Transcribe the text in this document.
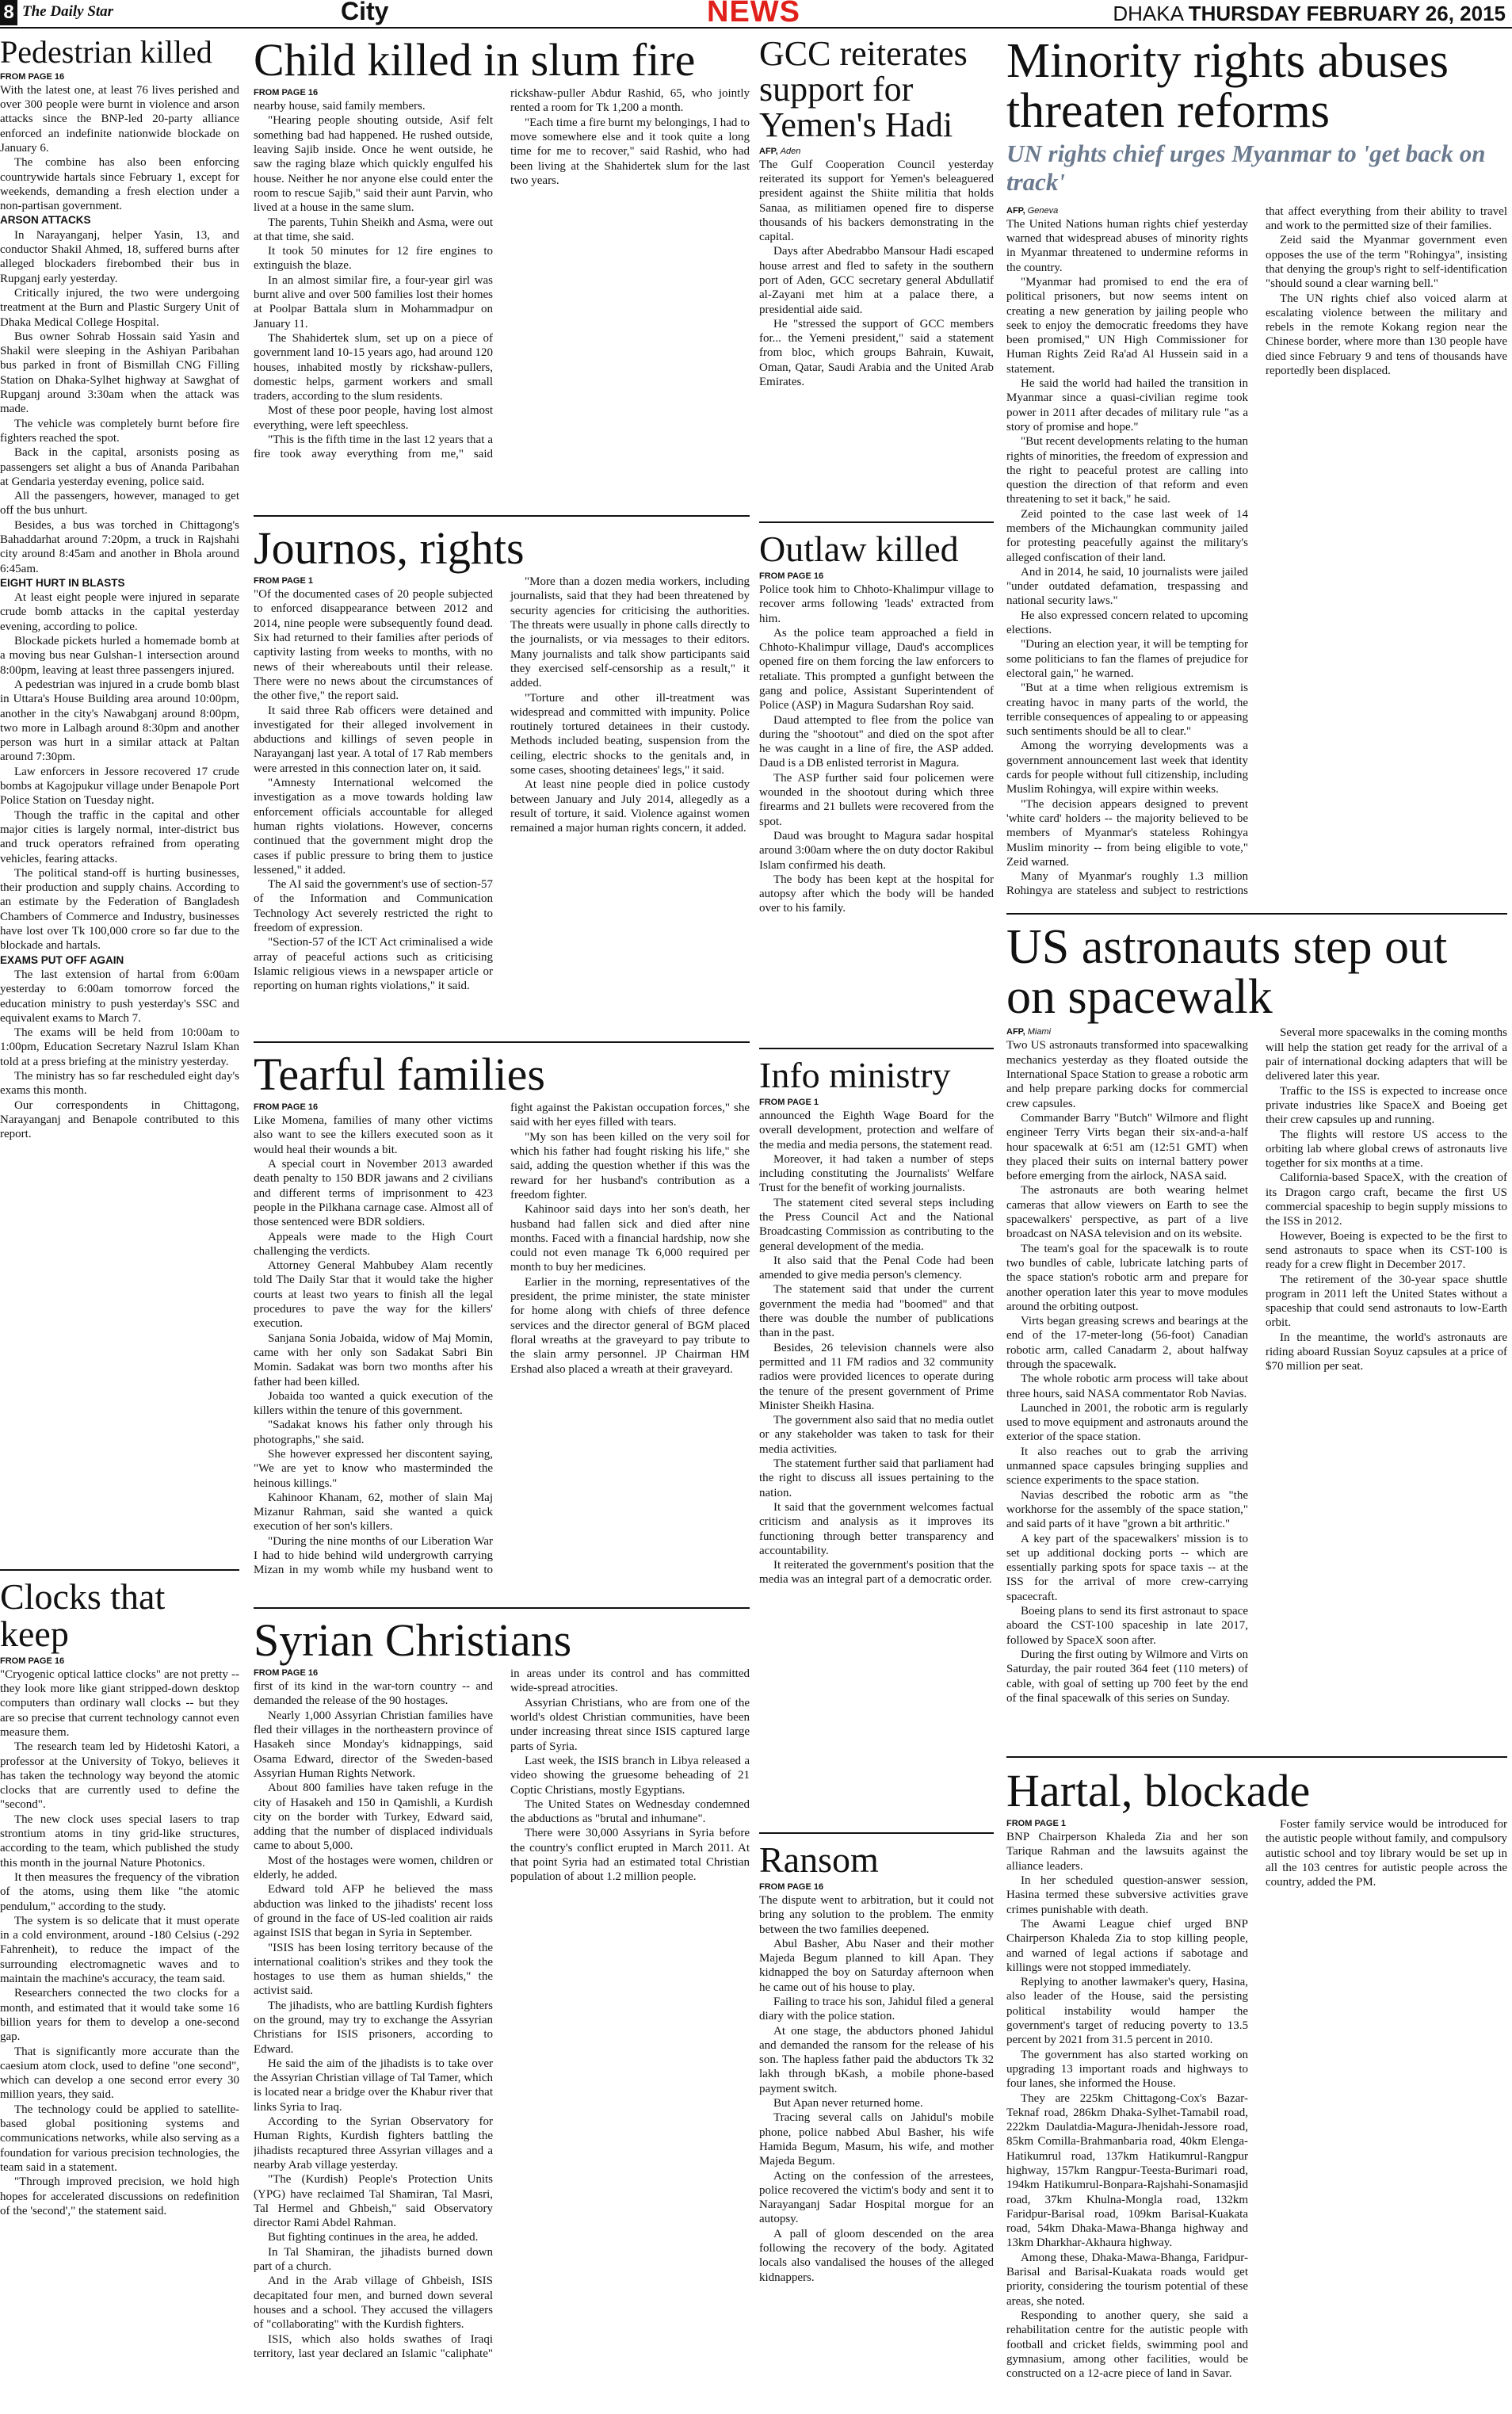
8 The Daily Star	City	NEWS	DHAKA THURSDAY FEBRUARY 26, 2015
Pedestrian killed
FROM PAGE 16

With the latest one, at least 76 lives perished and over 300 people were burnt in violence and arson attacks since the BNP-led 20-party alliance enforced an indefinite nationwide blockade on January 6.

The combine has also been enforcing countrywide hartals since February 1, except for weekends, demanding a fresh election under a non-partisan government.

ARSON ATTACKS

In Narayanganj, helper Yasin, 13, and conductor Shakil Ahmed, 18, suffered burns after alleged blockaders firebombed their bus in Rupganj early yesterday.

Critically injured, the two were undergoing treatment at the Burn and Plastic Surgery Unit of Dhaka Medical College Hospital.

Bus owner Sohrab Hossain said Yasin and Shakil were sleeping in the Ashiyan Paribahan bus parked in front of Bismillah CNG Filling Station on Dhaka-Sylhet highway at Sawghat of Rupganj around 3:30am when the attack was made.

The vehicle was completely burnt before fire fighters reached the spot.

Back in the capital, arsonists posing as passengers set alight a bus of Ananda Paribahan at Gendaria yesterday evening, police said.

All the passengers, however, managed to get off the bus unhurt.

Besides, a bus was torched in Chittagong's Bahaddarhat around 7:20pm, a truck in Rajshahi city around 8:45am and another in Bhola around 6:45am.

EIGHT HURT IN BLASTS

At least eight people were injured in separate crude bomb attacks in the capital yesterday evening, according to police.

Blockade pickets hurled a homemade bomb at a moving bus near Gulshan-1 intersection around 8:00pm, leaving at least three passengers injured.

A pedestrian was injured in a crude bomb blast in Uttara's House Building area around 10:00pm, another in the city's Nawabganj around 8:00pm, two more in Lalbagh around 8:30pm and another person was hurt in a similar attack at Paltan around 7:30pm.

Law enforcers in Jessore recovered 17 crude bombs at Kagojpukur village under Benapole Port Police Station on Tuesday night.

Though the traffic in the capital and other major cities is largely normal, inter-district bus and truck operators refrained from operating vehicles, fearing attacks.

The political stand-off is hurting businesses, their production and supply chains. According to an estimate by the Federation of Bangladesh Chambers of Commerce and Industry, businesses have lost over Tk 100,000 crore so far due to the blockade and hartals.

EXAMS PUT OFF AGAIN

The last extension of hartal from 6:00am yesterday to 6:00am tomorrow forced the education ministry to push yesterday's SSC and equivalent exams to March 7.

The exams will be held from 10:00am to 1:00pm, Education Secretary Nazrul Islam Khan told at a press briefing at the ministry yesterday.

The ministry has so far rescheduled eight day's exams this month.

Our correspondents in Chittagong, Narayanganj and Benapole contributed to this report.

Clocks that keep
FROM PAGE 16

"Cryogenic optical lattice clocks" are not pretty -- they look more like giant stripped-down desktop computers than ordinary wall clocks -- but they are so precise that current technology cannot even measure them.

The research team led by Hidetoshi Katori, a professor at the University of Tokyo, believes it has taken the technology way beyond the atomic clocks that are currently used to define the "second".

The new clock uses special lasers to trap strontium atoms in tiny grid-like structures, according to the team, which published the study this month in the journal Nature Photonics.

It then measures the frequency of the vibration of the atoms, using them like "the atomic pendulum," according to the study.

The system is so delicate that it must operate in a cold environment, around -180 Celsius (-292 Fahrenheit), to reduce the impact of the surrounding electromagnetic waves and to maintain the machine's accuracy, the team said.

Researchers connected the two clocks for a month, and estimated that it would take some 16 billion years for them to develop a one-second gap.

That is significantly more accurate than the caesium atom clock, used to define "one second", which can develop a one second error every 30 million years, they said.

The technology could be applied to satellite-based global positioning systems and communications networks, while also serving as a foundation for various precision technologies, the team said in a statement.

"Through improved precision, we hold high hopes for accelerated discussions on redefinition of the 'second'," the statement said.

Child killed in slum fire
FROM PAGE 16

nearby house, said family members.

"Hearing people shouting outside, Asif felt something bad had happened. He rushed outside, leaving Sajib inside. Once he went outside, he saw the raging blaze which quickly engulfed his house. Neither he nor anyone else could enter the room to rescue Sajib," said their aunt Parvin, who lived at a house in the same slum.

The parents, Tuhin Sheikh and Asma, were out at that time, she said.

It took 50 minutes for 12 fire engines to extinguish the blaze.

In an almost similar fire, a four-year girl was burnt alive and over 500 families lost their homes at Poolpar Battala slum in Mohammadpur on January 11.

The Shahidertek slum, set up on a piece of government land 10-15 years ago, had around 120 houses, inhabited mostly by rickshaw-pullers, domestic helps, garment workers and small traders, according to the slum residents.

Most of these poor people, having lost almost everything, were left speechless.

"This is the fifth time in the last 12 years that a fire took away everything from me," said rickshaw-puller Abdur Rashid, 65, who jointly rented a room for Tk 1,200 a month.

"Each time a fire burnt my belongings, I had to move somewhere else and it took quite a long time for me to recover," said Rashid, who had been living at the Shahidertek slum for the last two years.

Journos, rights
FROM PAGE 1

"Of the documented cases of 20 people subjected to enforced disappearance between 2012 and 2014, nine people were subsequently found dead. Six had returned to their families after periods of captivity lasting from weeks to months, with no news of their whereabouts until their release. There were no news about the circumstances of the other five," the report said.

It said three Rab officers were detained and investigated for their alleged involvement in abductions and killings of seven people in Narayanganj last year. A total of 17 Rab members were arrested in this connection later on, it said.

"Amnesty International welcomed the investigation as a move towards holding law enforcement officials accountable for alleged human rights violations. However, concerns continued that the government might drop the cases if public pressure to bring them to justice lessened," it added.

The AI said the government's use of section-57 of the Information and Communication Technology Act severely restricted the right to freedom of expression.

"Section-57 of the ICT Act criminalised a wide array of peaceful actions such as criticising Islamic religious views in a newspaper article or reporting on human rights violations," it said.

"More than a dozen media workers, including journalists, said that they had been threatened by security agencies for criticising the authorities. The threats were usually in phone calls directly to the journalists, or via messages to their editors. Many journalists and talk show participants said they exercised self-censorship as a result," it added.

"Torture and other ill-treatment was widespread and committed with impunity. Police routinely tortured detainees in their custody. Methods included beating, suspension from the ceiling, electric shocks to the genitals and, in some cases, shooting detainees' legs," it said.

At least nine people died in police custody between January and July 2014, allegedly as a result of torture, it said. Violence against women remained a major human rights concern, it added.

Tearful families
FROM PAGE 16

Like Momena, families of many other victims also want to see the killers executed soon as it would heal their wounds a bit.

A special court in November 2013 awarded death penalty to 150 BDR jawans and 2 civilians and different terms of imprisonment to 423 people in the Pilkhana carnage case. Almost all of those sentenced were BDR soldiers.

Appeals were made to the High Court challenging the verdicts.

Attorney General Mahbubey Alam recently told The Daily Star that it would take the higher courts at least two years to finish all the legal procedures to pave the way for the killers' execution.

Sanjana Sonia Jobaida, widow of Maj Momin, came with her only son Sadakat Sabri Bin Momin. Sadakat was born two months after his father had been killed.

Jobaida too wanted a quick execution of the killers within the tenure of this government.

"Sadakat knows his father only through his photographs," she said.

She however expressed her discontent saying, "We are yet to know who masterminded the heinous killings."

Kahinoor Khanam, 62, mother of slain Maj Mizanur Rahman, said she wanted a quick execution of her son's killers.

"During the nine months of our Liberation War I had to hide behind wild undergrowth carrying Mizan in my womb while my husband went to fight against the Pakistan occupation forces," she said with her eyes filled with tears.

"My son has been killed on the very soil for which his father had fought risking his life," she said, adding the question whether if this was the reward for her husband's contribution as a freedom fighter.

Kahinoor said days into her son's death, her husband had fallen sick and died after nine months. Faced with a financial hardship, now she could not even manage Tk 6,000 required per month to buy her medicines.

Earlier in the morning, representatives of the president, the prime minister, the state minister for home along with chiefs of three defence services and the director general of BGM placed floral wreaths at the graveyard to pay tribute to the slain army personnel. JP Chairman HM Ershad also placed a wreath at their graveyard.

Syrian Christians
FROM PAGE 16

first of its kind in the war-torn country -- and demanded the release of the 90 hostages.

Nearly 1,000 Assyrian Christian families have fled their villages in the northeastern province of Hasakeh since Monday's kidnappings, said Osama Edward, director of the Sweden-based Assyrian Human Rights Network.

About 800 families have taken refuge in the city of Hasakeh and 150 in Qamishli, a Kurdish city on the border with Turkey, Edward said, adding that the number of displaced individuals came to about 5,000.

Most of the hostages were women, children or elderly, he added.

Edward told AFP he believed the mass abduction was linked to the jihadists' recent loss of ground in the face of US-led coalition air raids against ISIS that began in Syria in September.

"ISIS has been losing territory because of the international coalition's strikes and they took the hostages to use them as human shields," the activist said.

The jihadists, who are battling Kurdish fighters on the ground, may try to exchange the Assyrian Christians for ISIS prisoners, according to Edward.

He said the aim of the jihadists is to take over the Assyrian Christian village of Tal Tamer, which is located near a bridge over the Khabur river that links Syria to Iraq.

According to the Syrian Observatory for Human Rights, Kurdish fighters battling the jihadists recaptured three Assyrian villages and a nearby Arab village yesterday.

"The (Kurdish) People's Protection Units (YPG) have reclaimed Tal Shamiran, Tal Masri, Tal Hermel and Ghbeish," said Observatory director Rami Abdel Rahman.

But fighting continues in the area, he added.

In Tal Shamiran, the jihadists burned down part of a church.

And in the Arab village of Ghbeish, ISIS decapitated four men, and burned down several houses and a school. They accused the villagers of "collaborating" with the Kurdish fighters.

ISIS, which also holds swathes of Iraqi territory, last year declared an Islamic "caliphate" in areas under its control and has committed wide-spread atrocities.

Assyrian Christians, who are from one of the world's oldest Christian communities, have been under increasing threat since ISIS captured large parts of Syria.

Last week, the ISIS branch in Libya released a video showing the gruesome beheading of 21 Coptic Christians, mostly Egyptians.

The United States on Wednesday condemned the abductions as "brutal and inhumane".

There were 30,000 Assyrians in Syria before the country's conflict erupted in March 2011. At that point Syria had an estimated total Christian population of about 1.2 million people.

GCC reiterates support for Yemen's Hadi
AFP, Aden

The Gulf Cooperation Council yesterday reiterated its support for Yemen's beleaguered president against the Shiite militia that holds Sanaa, as militiamen opened fire to disperse thousands of his backers demonstrating in the capital.

Days after Abedrabbo Mansour Hadi escaped house arrest and fled to safety in the southern port of Aden, GCC secretary general Abdullatif al-Zayani met him at a palace there, a presidential aide said.

He "stressed the support of GCC members for... the Yemeni president," said a statement from bloc, which groups Bahrain, Kuwait, Oman, Qatar, Saudi Arabia and the United Arab Emirates.

Outlaw killed
FROM PAGE 16

Police took him to Chhoto-Khalimpur village to recover arms following 'leads' extracted from him.

As the police team approached a field in Chhoto-Khalimpur village, Daud's accomplices opened fire on them forcing the law enforcers to retaliate. This prompted a gunfight between the gang and police, Assistant Superintendent of Police (ASP) in Magura Sudarshan Roy said.

Daud attempted to flee from the police van during the "shootout" and died on the spot after he was caught in a line of fire, the ASP added. Daud is a DB enlisted terrorist in Magura.

The ASP further said four policemen were wounded in the shootout during which three firearms and 21 bullets were recovered from the spot.

Daud was brought to Magura sadar hospital around 3:00am where the on duty doctor Rakibul Islam confirmed his death.

The body has been kept at the hospital for autopsy after which the body will be handed over to his family.

Info ministry
FROM PAGE 1

announced the Eighth Wage Board for the overall development, protection and welfare of the media and media persons, the statement read.

Moreover, it had taken a number of steps including constituting the Journalists' Welfare Trust for the benefit of working journalists.

The statement cited several steps including the Press Council Act and the National Broadcasting Commission as contributing to the general development of the media.

It also said that the Penal Code had been amended to give media person's clemency.

The statement said that under the current government the media had "boomed" and that there was double the number of publications than in the past.

Besides, 26 television channels were also permitted and 11 FM radios and 32 community radios were provided licences to operate during the tenure of the present government of Prime Minister Sheikh Hasina.

The government also said that no media outlet or any stakeholder was taken to task for their media activities.

The statement further said that parliament had the right to discuss all issues pertaining to the nation.

It said that the government welcomes factual criticism and analysis as it improves its functioning through better transparency and accountability.

It reiterated the government's position that the media was an integral part of a democratic order.

Ransom
FROM PAGE 16

The dispute went to arbitration, but it could not bring any solution to the problem. The enmity between the two families deepened.

Abul Basher, Abu Naser and their mother Majeda Begum planned to kill Apan. They kidnapped the boy on Saturday afternoon when he came out of his house to play.

Failing to trace his son, Jahidul filed a general diary with the police station.

At one stage, the abductors phoned Jahidul and demanded the ransom for the release of his son. The hapless father paid the abductors Tk 32 lakh through bKash, a mobile phone-based payment switch.

But Apan never returned home.

Tracing several calls on Jahidul's mobile phone, police nabbed Abul Basher, his wife Hamida Begum, Masum, his wife, and mother Majeda Begum.

Acting on the confession of the arrestees, police recovered the victim's body and sent it to Narayanganj Sadar Hospital morgue for an autopsy.

A pall of gloom descended on the area following the recovery of the body. Agitated locals also vandalised the houses of the alleged kidnappers.

Minority rights abuses threaten reforms
UN rights chief urges Myanmar to 'get back on track'
AFP, Geneva

The United Nations human rights chief yesterday warned that widespread abuses of minority rights in Myanmar threatened to undermine reforms in the country.

"Myanmar had promised to end the era of political prisoners, but now seems intent on creating a new generation by jailing people who seek to enjoy the democratic freedoms they have been promised," UN High Commissioner for Human Rights Zeid Ra'ad Al Hussein said in a statement.

He said the world had hailed the transition in Myanmar since a quasi-civilian regime took power in 2011 after decades of military rule "as a story of promise and hope."

"But recent developments relating to the human rights of minorities, the freedom of expression and the right to peaceful protest are calling into question the direction of that reform and even threatening to set it back," he said.

Zeid pointed to the case last week of 14 members of the Michaungkan community jailed for protesting peacefully against the military's alleged confiscation of their land.

And in 2014, he said, 10 journalists were jailed "under outdated defamation, trespassing and national security laws."

He also expressed concern related to upcoming elections.

"During an election year, it will be tempting for some politicians to fan the flames of prejudice for electoral gain," he warned.

"But at a time when religious extremism is creating havoc in many parts of the world, the terrible consequences of appealing to or appeasing such sentiments should be all to clear."

Among the worrying developments was a government announcement last week that identity cards for people without full citizenship, including Muslim Rohingya, will expire within weeks.

"The decision appears designed to prevent 'white card' holders -- the majority believed to be members of Myanmar's stateless Rohingya Muslim minority -- from being eligible to vote," Zeid warned.

Many of Myanmar's roughly 1.3 million Rohingya are stateless and subject to restrictions that affect everything from their ability to travel and work to the permitted size of their families.

Zeid said the Myanmar government even opposes the use of the term "Rohingya", insisting that denying the group's right to self-identification "should sound a clear warning bell."

The UN rights chief also voiced alarm at escalating violence between the military and rebels in the remote Kokang region near the Chinese border, where more than 130 people have died since February 9 and tens of thousands have reportedly been displaced.

US astronauts step out on spacewalk
AFP, Miami

Two US astronauts transformed into spacewalking mechanics yesterday as they floated outside the International Space Station to grease a robotic arm and help prepare parking docks for commercial crew capsules.

Commander Barry "Butch" Wilmore and flight engineer Terry Virts began their six-and-a-half hour spacewalk at 6:51 am (12:51 GMT) when they placed their suits on internal battery power before emerging from the airlock, NASA said.

The astronauts are both wearing helmet cameras that allow viewers on Earth to see the spacewalkers' perspective, as part of a live broadcast on NASA television and on its website.

The team's goal for the spacewalk is to route two bundles of cable, lubricate latching parts of the space station's robotic arm and prepare for another operation later this year to move modules around the orbiting outpost.

Virts began greasing screws and bearings at the end of the 17-meter-long (56-foot) Canadian robotic arm, called Canadarm 2, about halfway through the spacewalk.

The whole robotic arm process will take about three hours, said NASA commentator Rob Navias.

Launched in 2001, the robotic arm is regularly used to move equipment and astronauts around the exterior of the space station.

It also reaches out to grab the arriving unmanned space capsules bringing supplies and science experiments to the space station.

Navias described the robotic arm as "the workhorse for the assembly of the space station," and said parts of it have "grown a bit arthritic."

A key part of the spacewalkers' mission is to set up additional docking ports -- which are essentially parking spots for space taxis -- at the ISS for the arrival of more crew-carrying spacecraft.

Boeing plans to send its first astronaut to space aboard the CST-100 spaceship in late 2017, followed by SpaceX soon after.

During the first outing by Wilmore and Virts on Saturday, the pair routed 364 feet (110 meters) of cable, with goal of setting up 700 feet by the end of the final spacewalk of this series on Sunday.

Several more spacewalks in the coming months will help the station get ready for the arrival of a pair of international docking adapters that will be delivered later this year.

Traffic to the ISS is expected to increase once private industries like SpaceX and Boeing get their crew capsules up and running.

The flights will restore US access to the orbiting lab where global crews of astronauts live together for six months at a time.

California-based SpaceX, with the creation of its Dragon cargo craft, became the first US commercial spaceship to begin supply missions to the ISS in 2012.

However, Boeing is expected to be the first to send astronauts to space when its CST-100 is ready for a crew flight in December 2017.

The retirement of the 30-year space shuttle program in 2011 left the United States without a spaceship that could send astronauts to low-Earth orbit.

In the meantime, the world's astronauts are riding aboard Russian Soyuz capsules at a price of $70 million per seat.

Hartal, blockade
FROM PAGE 1

BNP Chairperson Khaleda Zia and her son Tarique Rahman and the lawsuits against the alliance leaders.

In her scheduled question-answer session, Hasina termed these subversive activities grave crimes punishable with death.

The Awami League chief urged BNP Chairperson Khaleda Zia to stop killing people, and warned of legal actions if sabotage and killings were not stopped immediately.

Replying to another lawmaker's query, Hasina, also leader of the House, said the persisting political instability would hamper the government's target of reducing poverty to 13.5 percent by 2021 from 31.5 percent in 2010.

The government has also started working on upgrading 13 important roads and highways to four lanes, she informed the House.

They are 225km Chittagong-Cox's Bazar-Teknaf road, 286km Dhaka-Sylhet-Tamabil road, 222km Daulatdia-Magura-Jhenidah-Jessore road, 85km Comilla-Brahmanbaria road, 40km Elenga-Hatikumrul road, 137km Hatikumrul-Rangpur highway, 157km Rangpur-Teesta-Burimari road, 194km Hatikumrul-Bonpara-Rajshahi-Sonamasjid road, 37km Khulna-Mongla road, 132km Faridpur-Barisal road, 109km Barisal-Kuakata road, 54km Dhaka-Mawa-Bhanga highway and 13km Dharkhar-Akhaura highway.

Among these, Dhaka-Mawa-Bhanga, Faridpur-Barisal and Barisal-Kuakata roads would get priority, considering the tourism potential of these areas, she noted.

Responding to another query, she said a rehabilitation centre for the autistic people with football and cricket fields, swimming pool and gymnasium, among other facilities, would be constructed on a 12-acre piece of land in Savar.

Foster family service would be introduced for the autistic people without family, and compulsory autistic school and toy library would be set up in all the 103 centres for autistic people across the country, added the PM.
